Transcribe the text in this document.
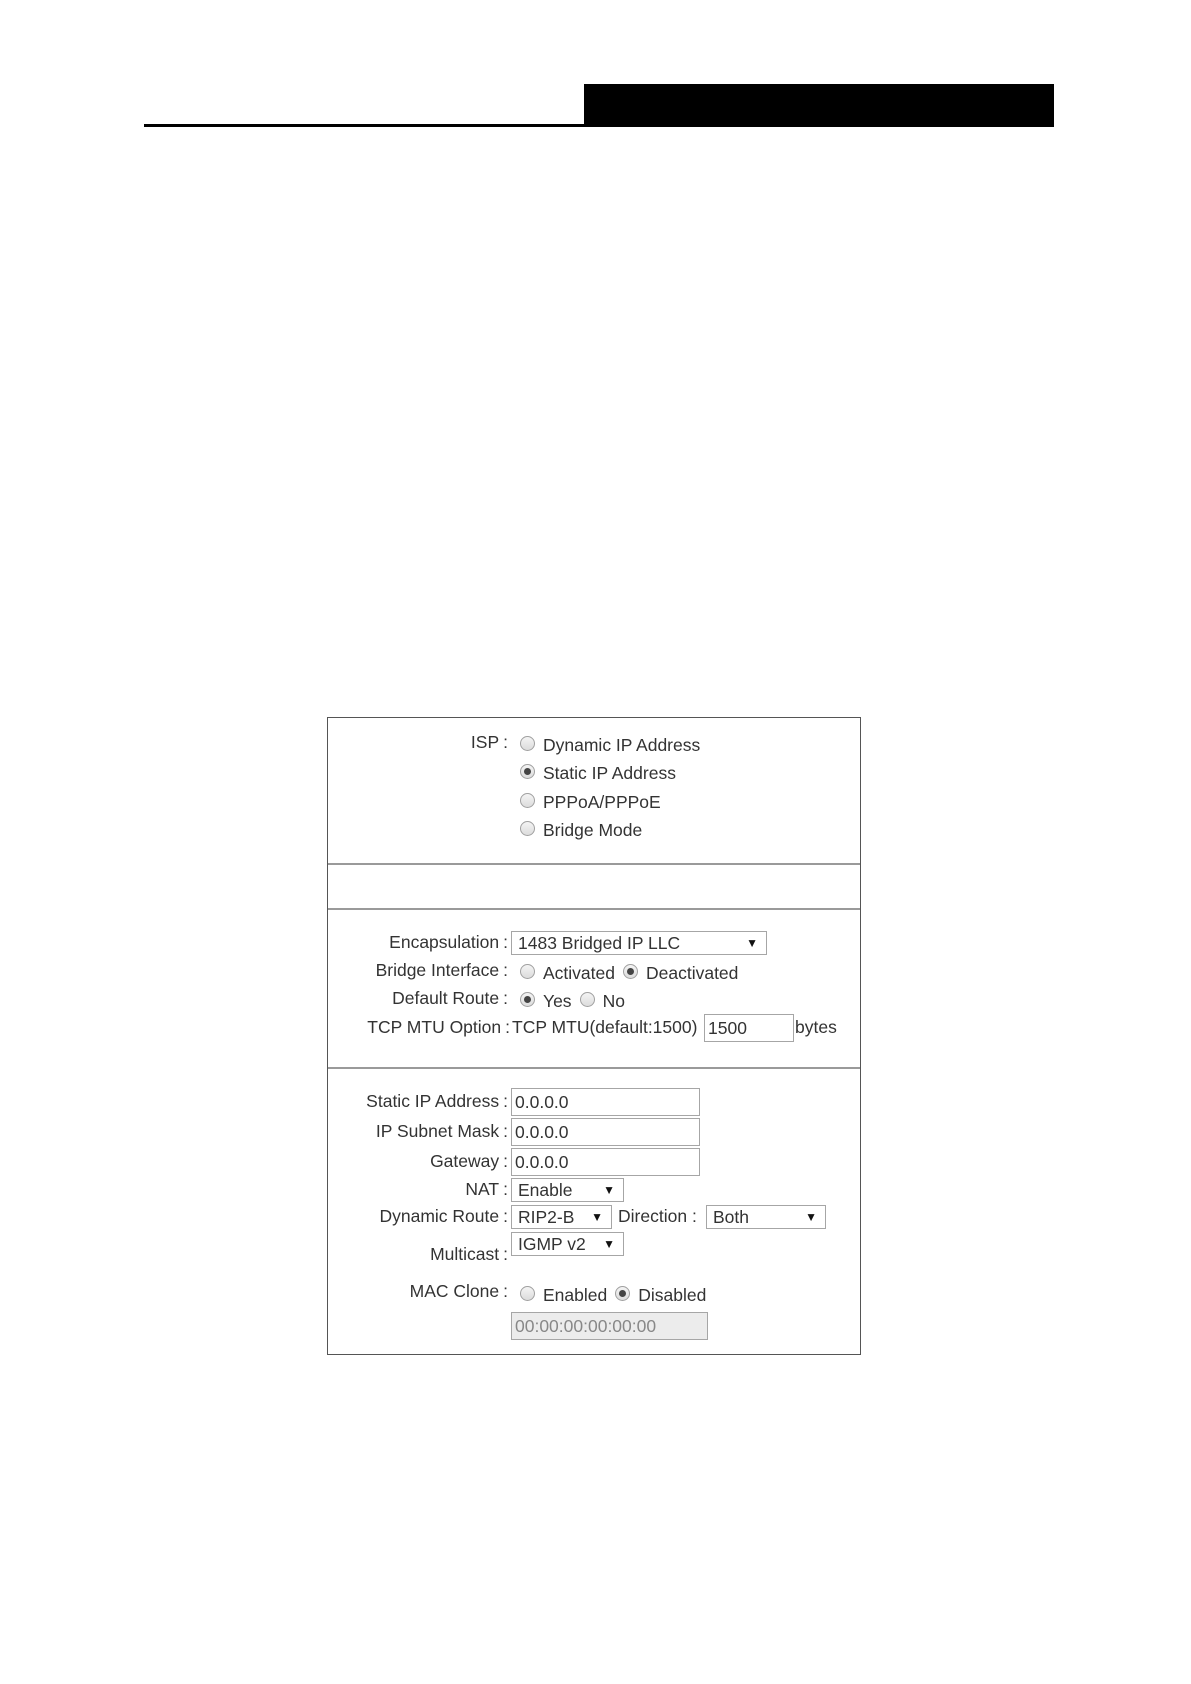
ISP : Dynamic IP Address
Static IP Address
PPPoA/PPPoE
Bridge Mode
Encapsulation : 1483 Bridged IP LLC	▼
Bridge Interface : Activated Deactivated
Default Route : Yes No
TCP MTU Option : TCP MTU(default:1500) 1500	bytes
Static IP Address : 0.0.0.0
IP Subnet Mask : 0.0.0.0
Gateway : 0.0.0.0
NAT : Enable	▼
Dynamic Route : RIP2-B ▼ Direction : Both	▼
Multicast : IGMP v2 ▼
MAC Clone : Enabled Disabled
00:00:00:00:00:00
